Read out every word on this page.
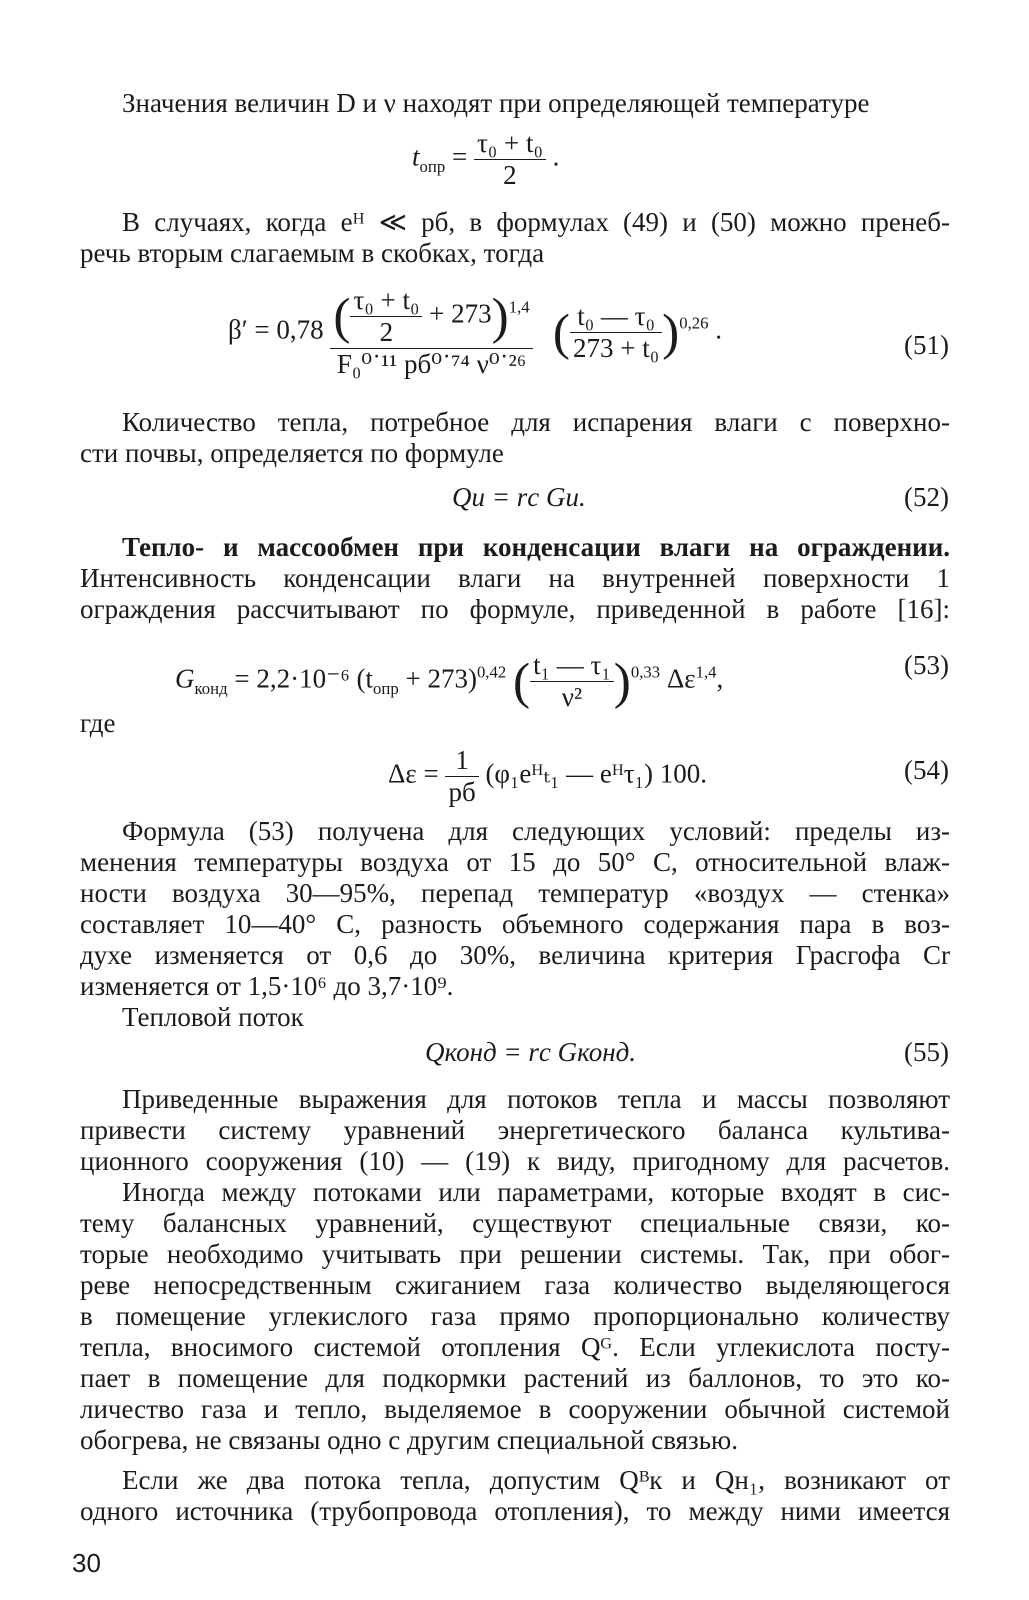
Значения величин D и ν находят при определяющей температуре
$t_{опр} = \frac{\text{τ₀ + t₀}}{2}$ .
В случаях, когда eᴴ ≪ pб, в формулах (49) и (50) можно пренеб-
речь вторым слагаемым в скобках, тогда
$\beta' = 0,78 \frac{( \frac{\text{τ₀ + t₀}}{2} + 273)^{1,4}}{\text{F₀⁰˙¹¹ pб⁰˙⁷⁴ ν⁰˙²⁶}}$ ( $\frac{\text{t₀ — τ₀}}{\text{273 + t₀}} )^{0,26}$ .
(51)
Количество тепла, потребное для испарения влаги с поверхно-
сти почвы, определяется по формуле
Qи = rс Gи.	(52)
Тепло- и массообмен при конденсации влаги на ограждении.
Интенсивность конденсации влаги на внутренней поверхности 1
ограждения рассчитывают по формуле, приведенной в работе [16]:
$G_{конд} = 2,2\cdot 10^{-6}$ $(t_{опр} + 273)^{0,42}$ ( $\frac{\text{t₁ — τ₁}}{\text{ν²}} )^{0,33}$ Δε$^{1,4}$,	(53)
где
$\Delta\varepsilon = \frac{1}{pб}$ (φ₁eᴴₜ₁ — eᴴτ₁) 100.	(54)
Формула (53) получена для следующих условий: пределы из-
менения температуры воздуха от 15 до 50° С, относительной влаж-
ности воздуха 30—95%, перепад температур «воздух — стенка»
составляет 10—40° С, разность объемного содержания пара в воз-
духе изменяется от 0,6 до 30%, величина критерия Грасгофа Cr
изменяется от 1,5·10⁶ до 3,7·10⁹.
Тепловой поток
Qконд = rс Gконд.	(55)
Приведенные выражения для потоков тепла и массы позволяют
привести систему уравнений энергетического баланса культива-
ционного сооружения (10) — (19) к виду, пригодному для расчетов.
Иногда между потоками или параметрами, которые входят в сис-
тему балансных уравнений, существуют специальные связи, ко-
торые необходимо учитывать при решении системы. Так, при обог-
реве непосредственным сжиганием газа количество выделяющегося
в помещение углекислого газа прямо пропорционально количеству
тепла, вносимого системой отопления Qᴳ. Если углекислота посту-
пает в помещение для подкормки растений из баллонов, то это ко-
личество газа и тепло, выделяемое в сооружении обычной системой
обогрева, не связаны одно с другим специальной связью.
Если же два потока тепла, допустим Qᴮк и Qн₁, возникают от
одного источника (трубопровода отопления), то между ними имеется
30
